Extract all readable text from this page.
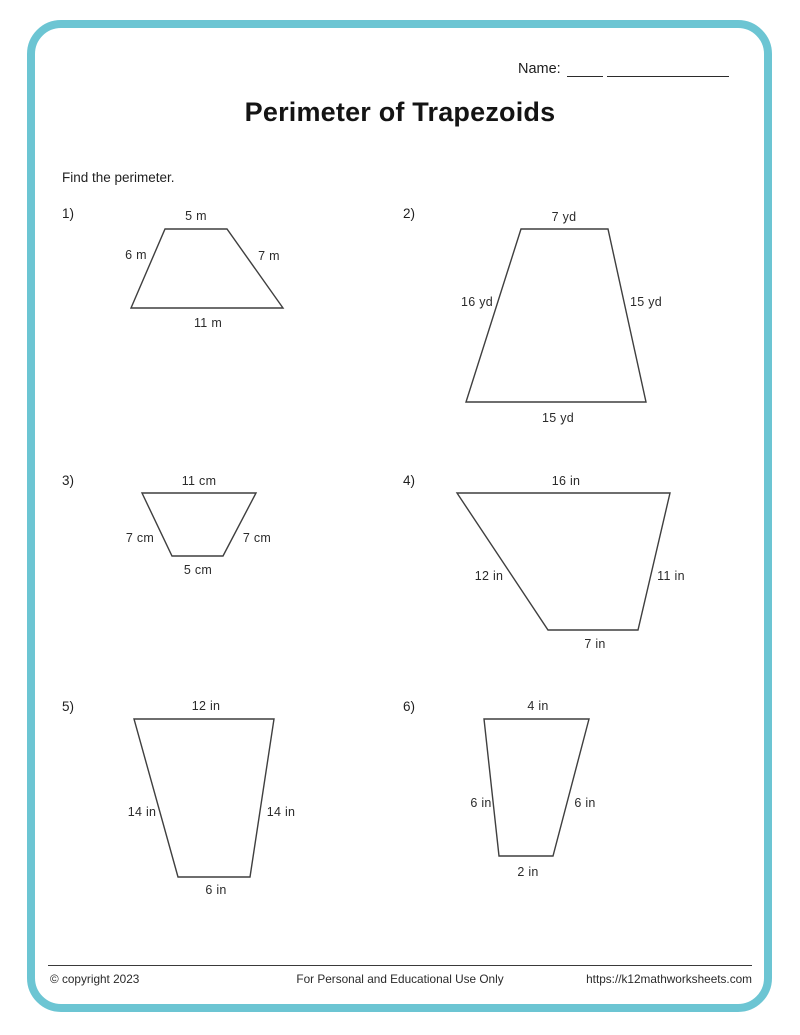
Name:
Perimeter of Trapezoids
Find the perimeter.
1)	5 m
6 m	7 m
11 m
2)	7 yd
16 yd	15 yd
15 yd
3)	11 cm
7 cm	7 cm
5 cm
4)	16 in
12 in	11 in
7 in
5)	12 in
14 in	14 in
6 in
6)	4 in
6 in	6 in
2 in
© copyright 2023	For Personal and Educational Use Only	https://k12mathworksheets.com
